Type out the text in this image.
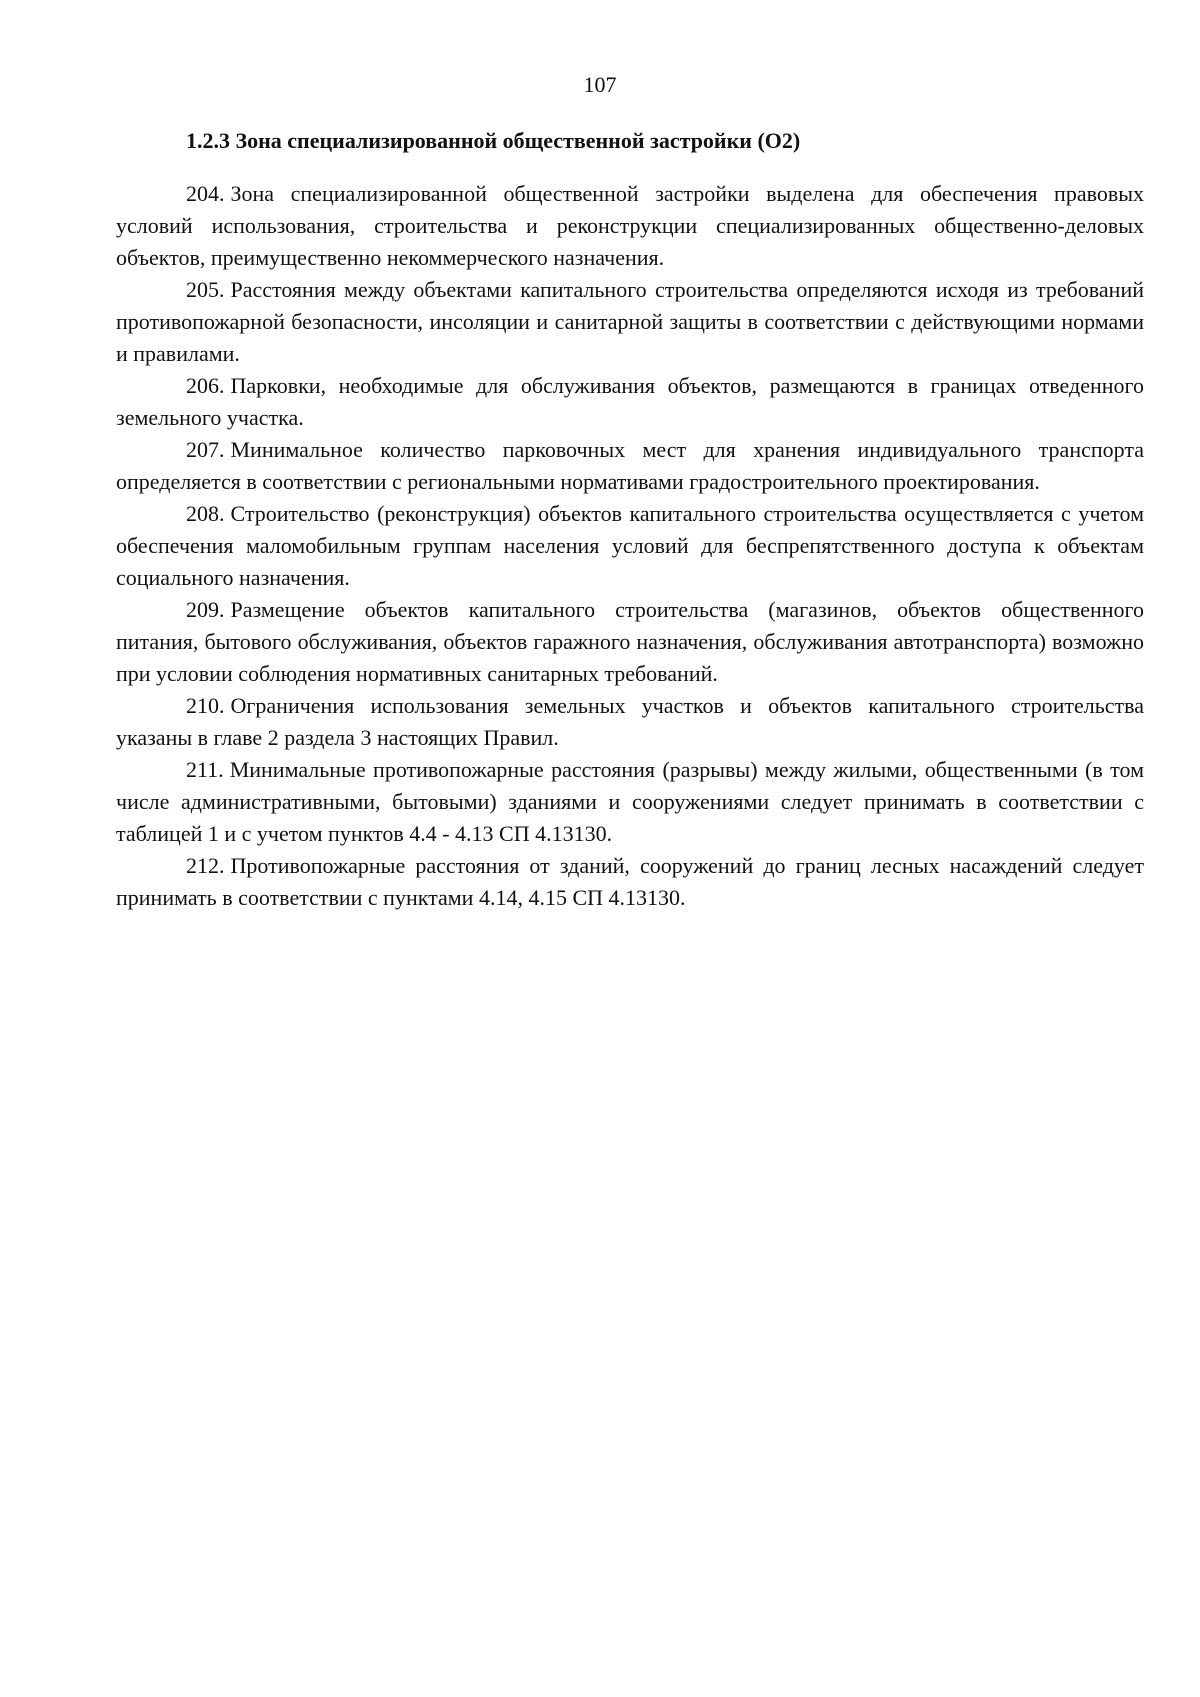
107
1.2.3 Зона специализированной общественной застройки (О2)

204. Зона специализированной общественной застройки выделена для обеспечения правовых условий использования, строительства и реконструкции специализированных общественно-деловых объектов, преимущественно некоммерческого назначения.

205. Расстояния между объектами капитального строительства определяются исходя из требований противопожарной безопасности, инсоляции и санитарной защиты в соответствии с действующими нормами и правилами.

206. Парковки, необходимые для обслуживания объектов, размещаются в границах отведенного земельного участка.

207. Минимальное количество парковочных мест для хранения индивидуального транспорта определяется в соответствии с региональными нормативами градостроительного проектирования.

208. Строительство (реконструкция) объектов капитального строительства осуществляется с учетом обеспечения маломобильным группам населения условий для беспрепятственного доступа к объектам социального назначения.

209. Размещение объектов капитального строительства (магазинов, объектов общественного питания, бытового обслуживания, объектов гаражного назначения, обслуживания автотранспорта) возможно при условии соблюдения нормативных санитарных требований.

210. Ограничения использования земельных участков и объектов капитального строительства указаны в главе 2 раздела 3 настоящих Правил.

211. Минимальные противопожарные расстояния (разрывы) между жилыми, общественными (в том числе административными, бытовыми) зданиями и сооружениями следует принимать в соответствии с таблицей 1 и с учетом пунктов 4.4 - 4.13 СП 4.13130.

212. Противопожарные расстояния от зданий, сооружений до границ лесных насаждений следует принимать в соответствии с пунктами 4.14, 4.15 СП 4.13130.
